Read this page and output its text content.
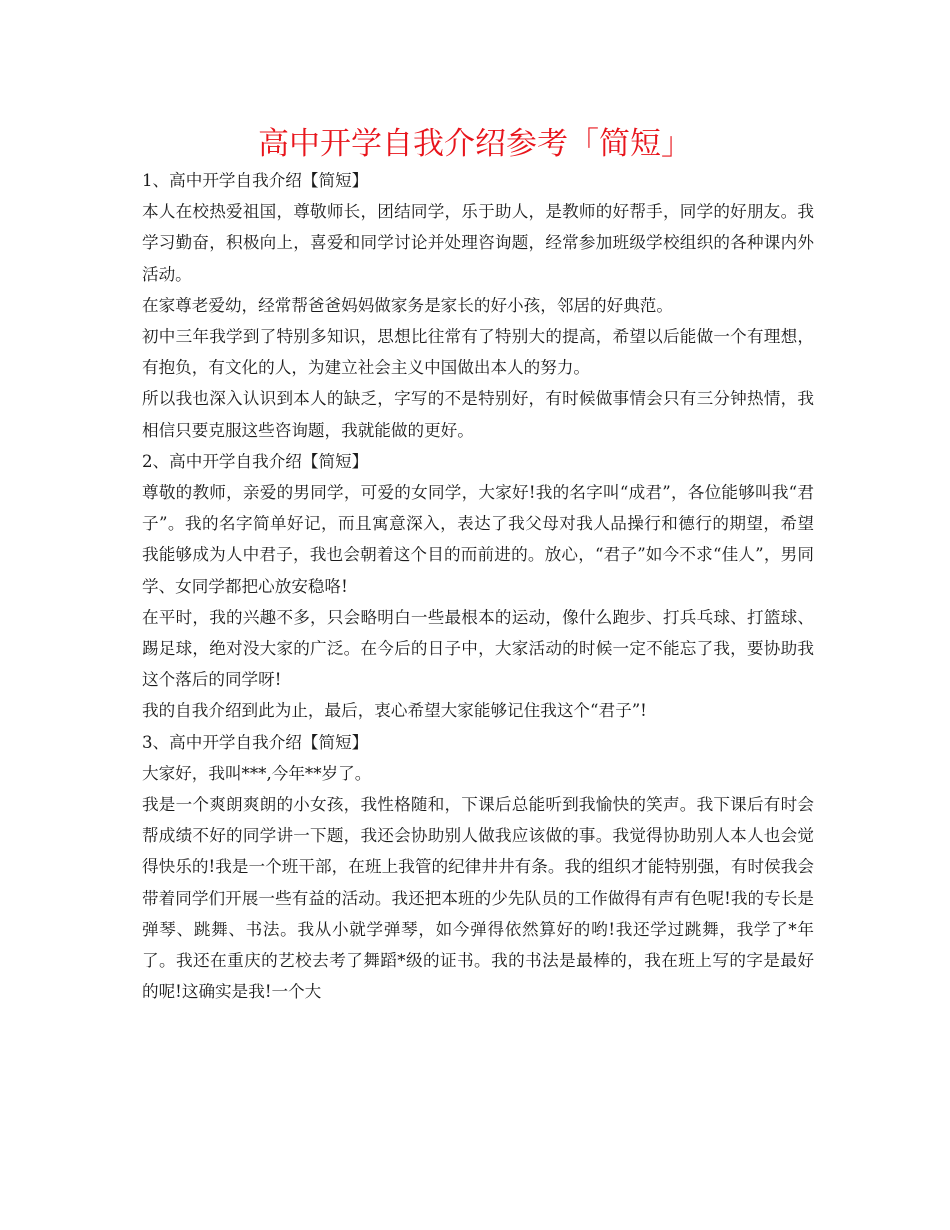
高中开学自我介绍参考「简短」

1、高中开学自我介绍【简短】

本人在校热爱祖国，尊敬师长，团结同学，乐于助人，是教师的好帮手，同学的好朋友。我学习勤奋，积极向上，喜爱和同学讨论并处理咨询题，经常参加班级学校组织的各种课内外活动。

在家尊老爱幼，经常帮爸爸妈妈做家务是家长的好小孩，邻居的好典范。

初中三年我学到了特别多知识，思想比往常有了特别大的提高，希望以后能做一个有理想，有抱负，有文化的人，为建立社会主义中国做出本人的努力。

所以我也深入认识到本人的缺乏，字写的不是特别好，有时候做事情会只有三分钟热情，我相信只要克服这些咨询题，我就能做的更好。

2、高中开学自我介绍【简短】

尊敬的教师，亲爱的男同学，可爱的女同学，大家好!我的名字叫“成君”，各位能够叫我“君子”。我的名字简单好记，而且寓意深入，表达了我父母对我人品操行和德行的期望，希望我能够成为人中君子，我也会朝着这个目的而前进的。放心，“君子”如今不求“佳人”，男同学、女同学都把心放安稳咯!

在平时，我的兴趣不多，只会略明白一些最根本的运动，像什么跑步、打兵乓球、打篮球、踢足球，绝对没大家的广泛。在今后的日子中，大家活动的时候一定不能忘了我，要协助我这个落后的同学呀!

我的自我介绍到此为止，最后，衷心希望大家能够记住我这个“君子”!

3、高中开学自我介绍【简短】

大家好，我叫***,今年**岁了。

我是一个爽朗爽朗的小女孩，我性格随和，下课后总能听到我愉快的笑声。我下课后有时会帮成绩不好的同学讲一下题，我还会协助别人做我应该做的事。我觉得协助别人本人也会觉得快乐的!我是一个班干部，在班上我管的纪律井井有条。我的组织才能特别强，有时侯我会带着同学们开展一些有益的活动。我还把本班的少先队员的工作做得有声有色呢!我的专长是弹琴、跳舞、书法。我从小就学弹琴，如今弹得依然算好的哟!我还学过跳舞，我学了*年了。我还在重庆的艺校去考了舞蹈*级的证书。我的书法是最棒的，我在班上写的字是最好的呢!这确实是我!一个大
